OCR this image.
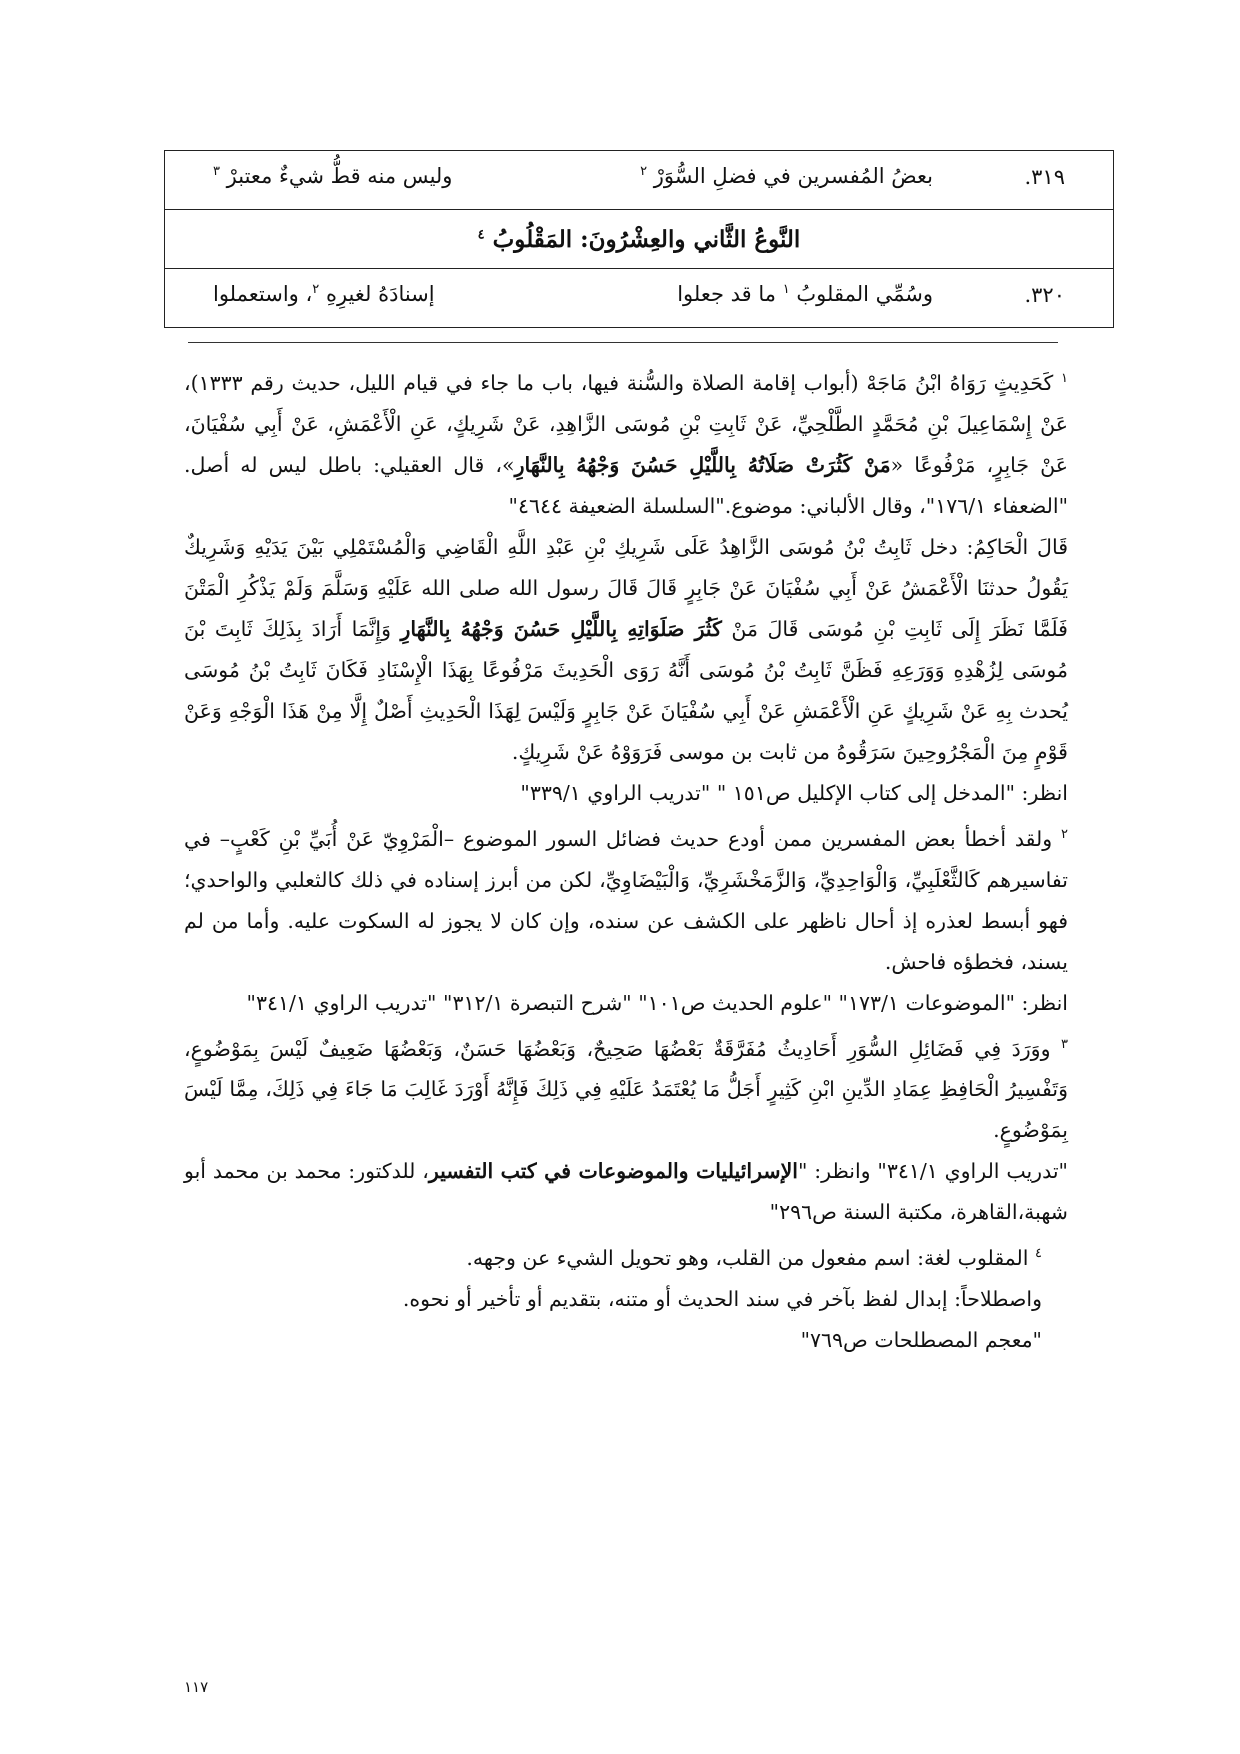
٣١٩.
بعضُ المُفسرين في فضلِ السُّوَرْ $^٢$
وليس منه قطُّ شيءٌ معتبرْ $^٣$

النَّوعُ الثَّاني والعِشْرُونَ: المَقْلُوبُ $^٤$

٣٢٠.
وسُمِّي المقلوبُ $^١$ ما قد جعلوا
إسنادَهُ لغيرِهِ $^٢$، واستعملوا

$^١$ كَحَدِيثٍ رَوَاهُ ابْنُ مَاجَهْ (أبواب إقامة الصلاة والسُّنة فيها، باب ما جاء في قيام الليل، حديث رقم ١٣٣٣)، عَنْ إِسْمَاعِيلَ بْنِ مُحَمَّدٍ الطَّلْحِيِّ، عَنْ ثَابِتِ بْنِ مُوسَى الزَّاهِدِ، عَنْ شَرِيكٍ، عَنِ الْأَعْمَشِ، عَنْ أَبِي سُفْيَانَ، عَنْ جَابِرٍ، مَرْفُوعًا «مَنْ كَثُرَتْ صَلَاتُهُ بِاللَّيْلِ حَسُنَ وَجْهُهُ بِالنَّهَارِ»، قال العقيلي: باطل ليس له أصل. "الضعفاء ١٧٦/١"، وقال الألباني: موضوع."السلسلة الضعيفة ٤٦٤٤"

قَالَ الْحَاكِمُ: دخل ثَابِتُ بْنُ مُوسَى الزَّاهِدُ عَلَى شَرِيكِ بْنِ عَبْدِ اللَّهِ الْقَاضِي وَالْمُسْتَمْلِي بَيْنَ يَدَيْهِ وَشَرِيكٌ يَقُولُ حدثنَا الْأَعْمَشُ عَنْ أَبِي سُفْيَانَ عَنْ جَابِرٍ قَالَ قَالَ رسول الله صلى الله عَلَيْهِ وَسَلَّمَ وَلَمْ يَذْكُرِ الْمَتْنَ فَلَمَّا نَظَرَ إِلَى ثَابِتِ بْنِ مُوسَى قَالَ مَنْ كَثُرَ صَلَوَاتِهِ بِاللَّيْلِ حَسُنَ وَجْهُهُ بِالنَّهَارِ وَإِنَّمَا أَرَادَ بِذَلِكَ ثَابِتَ بْنَ مُوسَى لِزُهْدِهِ وَوَرَعِهِ فَظَنَّ ثَابِتُ بْنُ مُوسَى أَنَّهُ رَوَى الْحَدِيثَ مَرْفُوعًا بِهَذَا الْإِسْنَادِ فَكَانَ ثَابِتُ بْنُ مُوسَى يُحدث بِهِ عَنْ شَرِيكٍ عَنِ الْأَعْمَشِ عَنْ أَبِي سُفْيَانَ عَنْ جَابِرٍ وَلَيْسَ لِهَذَا الْحَدِيثِ أَصْلٌ إِلَّا مِنْ هَذَا الْوَجْهِ وَعَنْ قَوْمٍ مِنَ الْمَجْرُوحِينَ سَرَقُوهُ من ثابت بن موسى فَرَوَوْهُ عَنْ شَرِيكٍ.

انظر: "المدخل إلى كتاب الإكليل ص١٥١ " "تدريب الراوي ٣٣٩/١"

$^٢$ ولقد أخطأ بعض المفسرين ممن أودع حديث فضائل السور الموضوع –الْمَرْوِيّ عَنْ أُبَيِّ بْنِ كَعْبٍ– في تفاسيرهم كَالثَّعْلَبِيِّ، وَالْوَاحِدِيِّ، وَالزَّمَخْشَرِيِّ، وَالْبَيْضَاوِيِّ، لكن من أبرز إسناده في ذلك كالثعلبي والواحدي؛ فهو أبسط لعذره إذ أحال ناظهر على الكشف عن سنده، وإن كان لا يجوز له السكوت عليه. وأما من لم يسند، فخطؤه فاحش.

انظر: "الموضوعات ١٧٣/١" "علوم الحديث ص١٠١" "شرح التبصرة ٣١٢/١" "تدريب الراوي ٣٤١/١"

$^٣$ ووَرَدَ فِي فَضَائِلِ السُّوَرِ أَحَادِيثُ مُفَرَّقَةٌ بَعْضُهَا صَحِيحٌ، وَبَعْضُهَا حَسَنٌ، وَبَعْضُهَا ضَعِيفٌ لَيْسَ بِمَوْضُوعٍ، وَتَفْسِيرُ الْحَافِظِ عِمَادِ الدِّينِ ابْنِ كَثِيرٍ أَجَلُّ مَا يُعْتَمَدُ عَلَيْهِ فِي ذَلِكَ فَإِنَّهُ أَوْرَدَ غَالِبَ مَا جَاءَ فِي ذَلِكَ، مِمَّا لَيْسَ بِمَوْضُوعٍ.

"تدريب الراوي ٣٤١/١" وانظر: "الإسرائيليات والموضوعات في كتب التفسير، للدكتور: محمد بن محمد أبو شهبة،القاهرة، مكتبة السنة ص٢٩٦"

$^٤$ المقلوب لغة: اسم مفعول من القلب، وهو تحويل الشيء عن وجهه.

واصطلاحاً: إبدال لفظ بآخر في سند الحديث أو متنه، بتقديم أو تأخير أو نحوه.

"معجم المصطلحات ص٧٦٩"

١١٧
